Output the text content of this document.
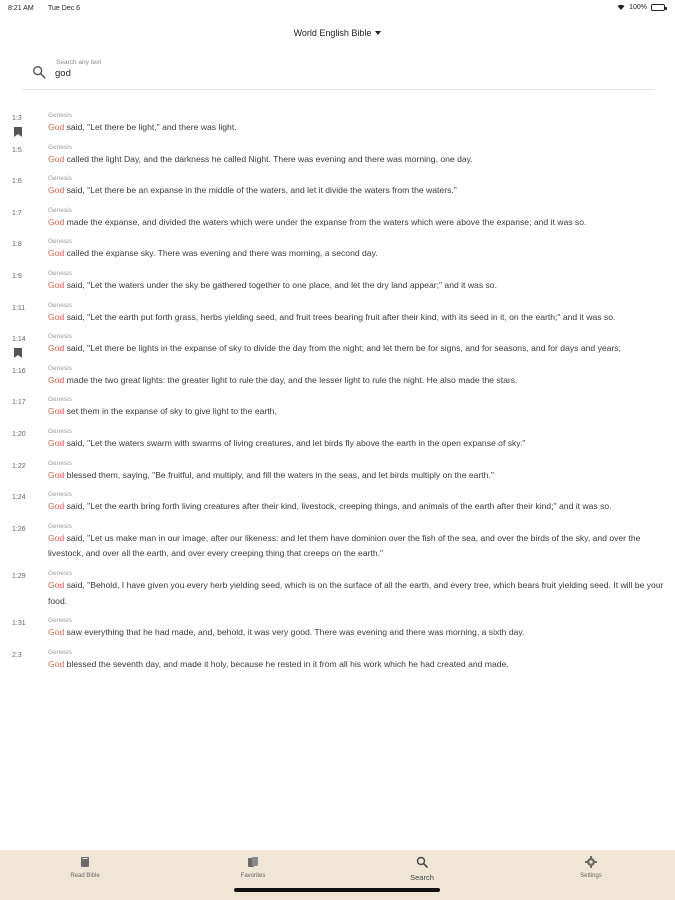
8:21 AM Tue Dec 6	100%
World English Bible
Search any text
god
1:3	Genesis
God said, "Let there be light," and there was light.
1:5	Genesis
God called the light Day, and the darkness he called Night. There was evening and there was morning, one day.
1:6	Genesis
God said, "Let there be an expanse in the middle of the waters, and let it divide the waters from the waters."
1:7	Genesis
God made the expanse, and divided the waters which were under the expanse from the waters which were above the expanse; and it was so.
1:8	Genesis
God called the expanse sky. There was evening and there was morning, a second day.
1:9	Genesis
God said, "Let the waters under the sky be gathered together to one place, and let the dry land appear;" and it was so.
1:11	Genesis
God said, "Let the earth put forth grass, herbs yielding seed, and fruit trees bearing fruit after their kind, with its seed in it, on the earth;" and it was so.
1:14	Genesis
God said, "Let there be lights in the expanse of sky to divide the day from the night; and let them be for signs, and for seasons, and for days and years;
1:16	Genesis
God made the two great lights: the greater light to rule the day, and the lesser light to rule the night. He also made the stars.
1:17	Genesis
God set them in the expanse of sky to give light to the earth,
1:20	Genesis
God said, "Let the waters swarm with swarms of living creatures, and let birds fly above the earth in the open expanse of sky."
1:22	Genesis
God blessed them, saying, "Be fruitful, and multiply, and fill the waters in the seas, and let birds multiply on the earth."
1:24	Genesis
God said, "Let the earth bring forth living creatures after their kind, livestock, creeping things, and animals of the earth after their kind;" and it was so.
1:26	Genesis
God said, "Let us make man in our image, after our likeness: and let them have dominion over the fish of the sea, and over the birds of the sky, and over the livestock, and over all the earth, and over every creeping thing that creeps on the earth."
1:29	Genesis
God said, "Behold, I have given you every herb yielding seed, which is on the surface of all the earth, and every tree, which bears fruit yielding seed. It will be your food.
1:31	Genesis
God saw everything that he had made, and, behold, it was very good. There was evening and there was morning, a sixth day.
2:3	Genesis
God blessed the seventh day, and made it holy, because he rested in it from all his work which he had created and made.
Read Bible	Favorites	Search	Settings
